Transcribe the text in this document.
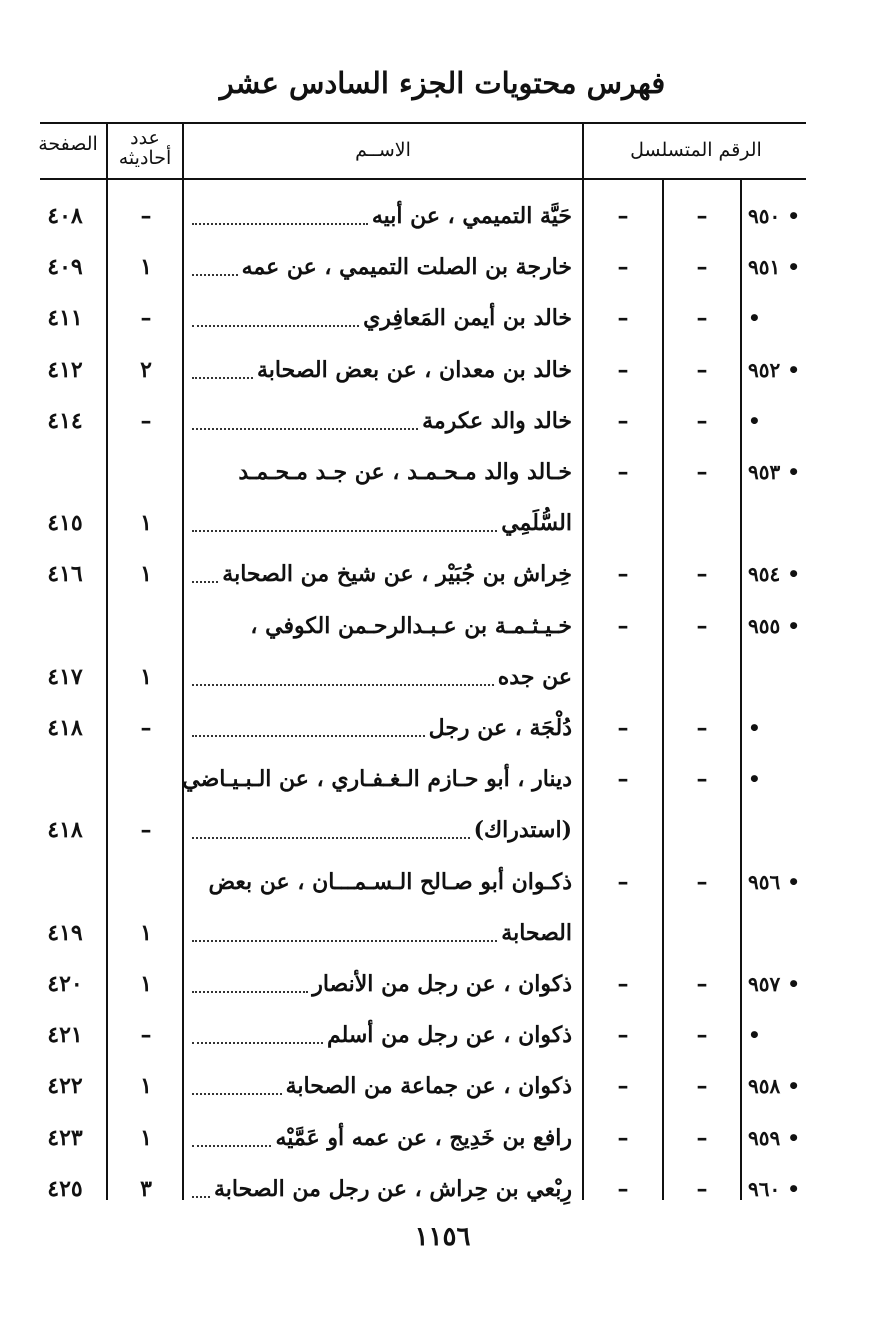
فهرس محتويات الجزء السادس عشر
الرقم المتسلسل
الاســم
عدد
أحاديثه
الصفحة
• ٩٥٠
–
–
حَيَّة التميمي ، عن أبيه
–
٤٠٨
• ٩٥١
–
–
خارجة بن الصلت التميمي ، عن عمه
١
٤٠٩
•
–
–
خالد بن أيمن المَعافِري
–
٤١١
• ٩٥٢
–
–
خالد بن معدان ، عن بعض الصحابة
٢
٤١٢
•
–
–
خالد والد عكرمة
–
٤١٤
• ٩٥٣
–
–
خـالد والد مـحـمـد ، عن جـد مـحـمـد
السُّلَمِي
١
٤١٥
• ٩٥٤
–
–
خِراش بن جُبَيْر ، عن شيخ من الصحابة
١
٤١٦
• ٩٥٥
–
–
خـيـثـمـة بن عـبـدالرحـمن الكوفي ،
عن جده
١
٤١٧
•
–
–
دُلْجَة ، عن رجل
–
٤١٨
•
–
–
دينار ، أبو حـازم الـغـفـاري ، عن الـبـيـاضي
(استدراك)
–
٤١٨
• ٩٥٦
–
–
ذكـوان أبو صـالح الـسـمـــان ، عن بعض
الصحابة
١
٤١٩
• ٩٥٧
–
–
ذكوان ، عن رجل من الأنصار
١
٤٢٠
•
–
–
ذكوان ، عن رجل من أسلم
–
٤٢١
• ٩٥٨
–
–
ذكوان ، عن جماعة من الصحابة
١
٤٢٢
• ٩٥٩
–
–
رافع بن خَدِيج ، عن عمه أو عَمَّيْه
١
٤٢٣
• ٩٦٠
–
–
رِبْعي بن حِراش ، عن رجل من الصحابة
٣
٤٢٥
١١٥٦
